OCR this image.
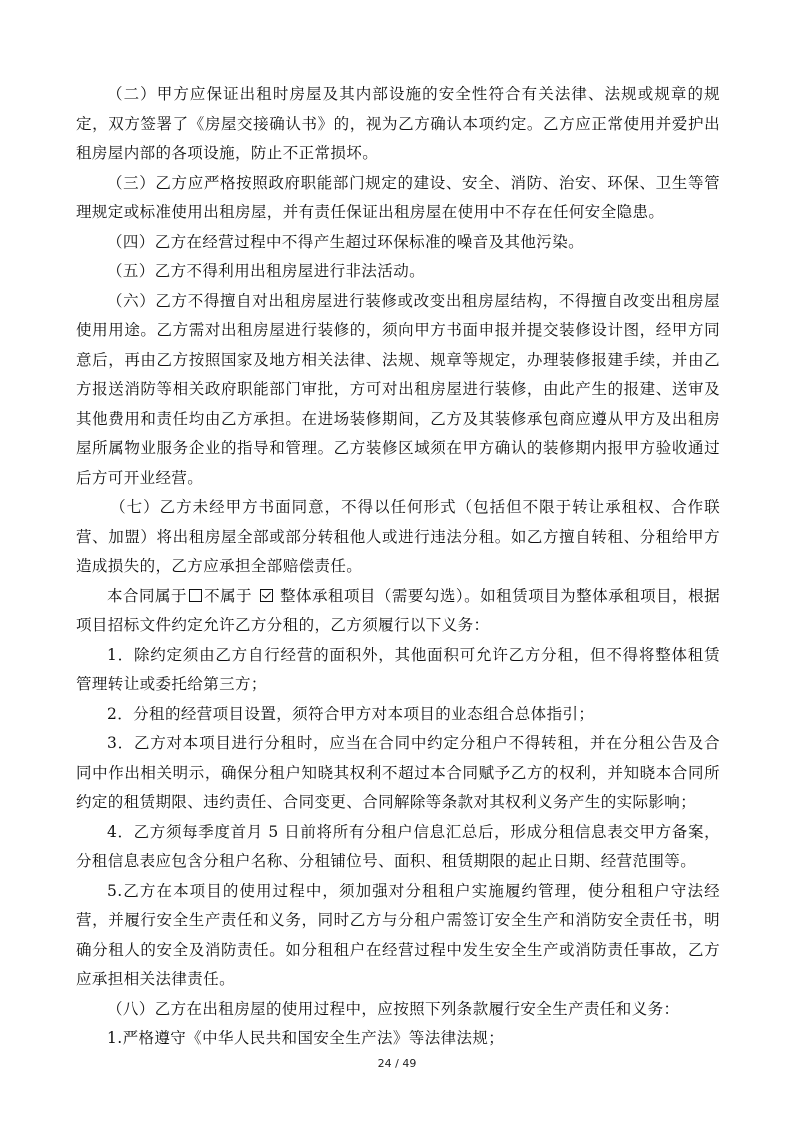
（二）甲方应保证出租时房屋及其内部设施的安全性符合有关法律、法规或规章的规定，双方签署了《房屋交接确认书》的，视为乙方确认本项约定。乙方应正常使用并爱护出租房屋内部的各项设施，防止不正常损坏。

（三）乙方应严格按照政府职能部门规定的建设、安全、消防、治安、环保、卫生等管理规定或标准使用出租房屋，并有责任保证出租房屋在使用中不存在任何安全隐患。

（四）乙方在经营过程中不得产生超过环保标准的噪音及其他污染。

（五）乙方不得利用出租房屋进行非法活动。

（六）乙方不得擅自对出租房屋进行装修或改变出租房屋结构，不得擅自改变出租房屋使用用途。乙方需对出租房屋进行装修的，须向甲方书面申报并提交装修设计图，经甲方同意后，再由乙方按照国家及地方相关法律、法规、规章等规定，办理装修报建手续，并由乙方报送消防等相关政府职能部门审批，方可对出租房屋进行装修，由此产生的报建、送审及其他费用和责任均由乙方承担。在进场装修期间，乙方及其装修承包商应遵从甲方及出租房屋所属物业服务企业的指导和管理。乙方装修区域须在甲方确认的装修期内报甲方验收通过后方可开业经营。

（七）乙方未经甲方书面同意，不得以任何形式（包括但不限于转让承租权、合作联营、加盟）将出租房屋全部或部分转租他人或进行违法分租。如乙方擅自转租、分租给甲方造成损失的，乙方应承担全部赔偿责任。

本合同属于 不属于 整体承租项目（需要勾选）。如租赁项目为整体承租项目，根据项目招标文件约定允许乙方分租的，乙方须履行以下义务：

1．除约定须由乙方自行经营的面积外，其他面积可允许乙方分租，但不得将整体租赁管理转让或委托给第三方；

2．分租的经营项目设置，须符合甲方对本项目的业态组合总体指引；

3．乙方对本项目进行分租时，应当在合同中约定分租户不得转租，并在分租公告及合同中作出相关明示，确保分租户知晓其权利不超过本合同赋予乙方的权利，并知晓本合同所约定的租赁期限、违约责任、合同变更、合同解除等条款对其权利义务产生的实际影响；

4．乙方须每季度首月 5 日前将所有分租户信息汇总后，形成分租信息表交甲方备案，分租信息表应包含分租户名称、分租铺位号、面积、租赁期限的起止日期、经营范围等。

5.乙方在本项目的使用过程中，须加强对分租租户实施履约管理，使分租租户守法经营，并履行安全生产责任和义务，同时乙方与分租户需签订安全生产和消防安全责任书，明确分租人的安全及消防责任。如分租租户在经营过程中发生安全生产或消防责任事故，乙方应承担相关法律责任。

（八）乙方在出租房屋的使用过程中，应按照下列条款履行安全生产责任和义务：

1.严格遵守《中华人民共和国安全生产法》等法律法规；

24 / 49
